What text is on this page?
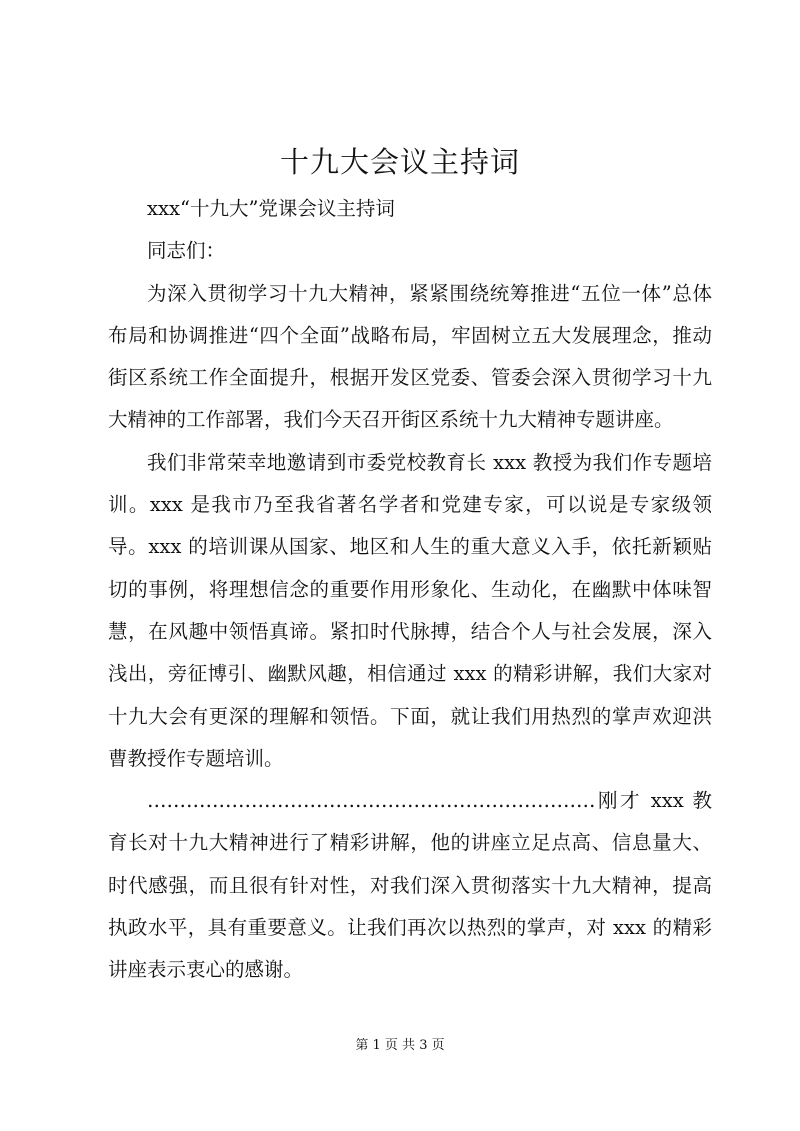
十九大会议主持词

xxx“十九大”党课会议主持词

同志们：

为深入贯彻学习十九大精神，紧紧围绕统筹推进“五位一体”总体布局和协调推进“四个全面”战略布局，牢固树立五大发展理念，推动街区系统工作全面提升，根据开发区党委、管委会深入贯彻学习十九大精神的工作部署，我们今天召开街区系统十九大精神专题讲座。

我们非常荣幸地邀请到市委党校教育长 xxx 教授为我们作专题培训。xxx 是我市乃至我省著名学者和党建专家，可以说是专家级领导。xxx 的培训课从国家、地区和人生的重大意义入手，依托新颖贴切的事例，将理想信念的重要作用形象化、生动化，在幽默中体味智慧，在风趣中领悟真谛。紧扣时代脉搏，结合个人与社会发展，深入浅出，旁征博引、幽默风趣，相信通过 xxx 的精彩讲解，我们大家对十九大会有更深的理解和领悟。下面，就让我们用热烈的掌声欢迎洪曹教授作专题培训。

……………………………………………………………刚才 xxx 教育长对十九大精神进行了精彩讲解，他的讲座立足点高、信息量大、时代感强，而且很有针对性，对我们深入贯彻落实十九大精神，提高执政水平，具有重要意义。让我们再次以热烈的掌声，对 xxx 的精彩讲座表示衷心的感谢。

第 1 页 共 3 页
